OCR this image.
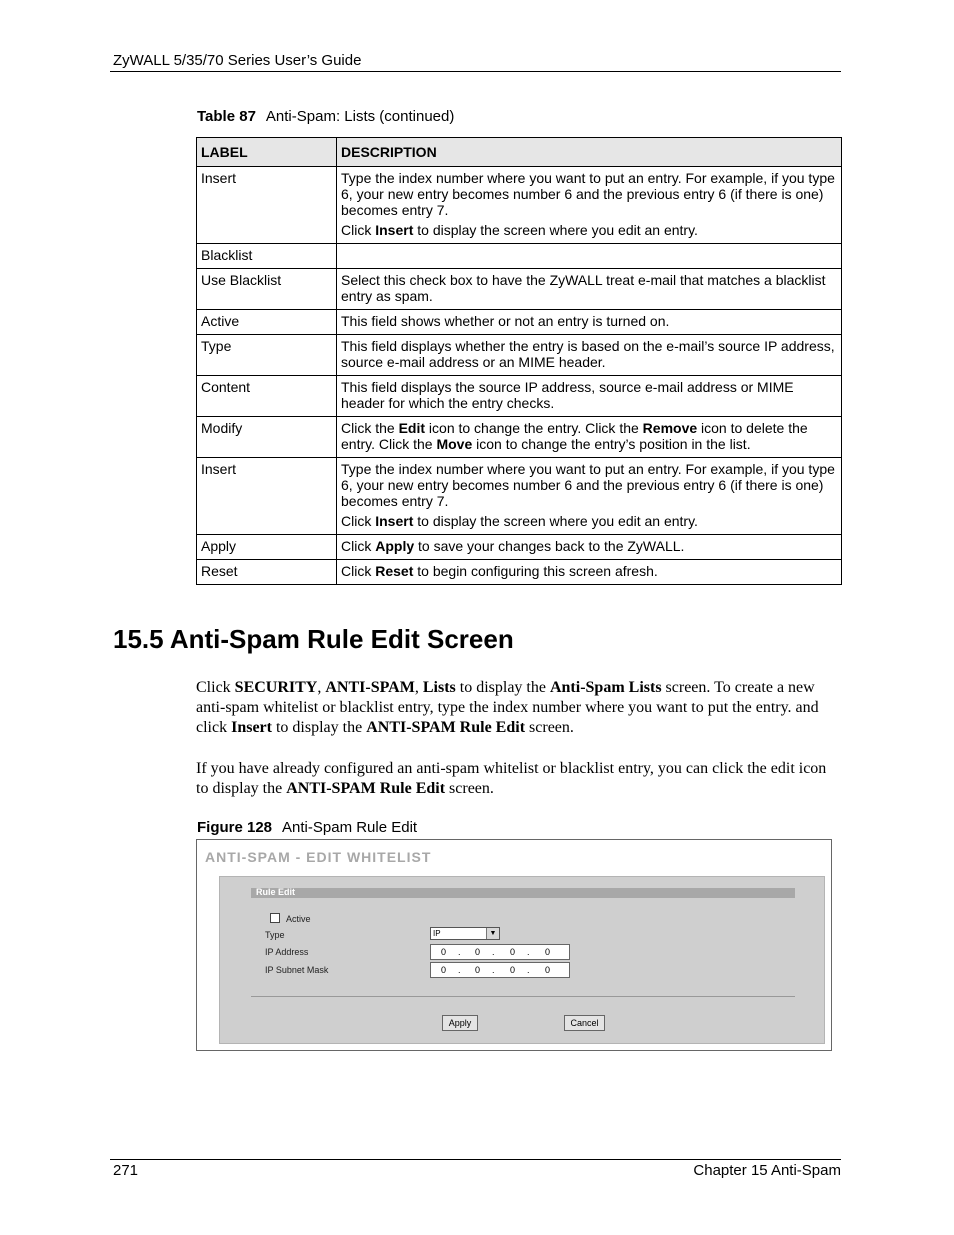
ZyWALL 5/35/70 Series User’s Guide
Table 87 Anti-Spam: Lists (continued)
LABEL	DESCRIPTION
Insert	Type the index number where you want to put an entry. For example, if you type 6, your new entry becomes number 6 and the previous entry 6 (if there is one) becomes entry 7.

Click Insert to display the screen where you edit an entry.

Blacklist	
Use Blacklist	Select this check box to have the ZyWALL treat e-mail that matches a blacklist entry as spam.
Active	This field shows whether or not an entry is turned on.
Type	This field displays whether the entry is based on the e-mail’s source IP address, source e-mail address or an MIME header.
Content	This field displays the source IP address, source e-mail address or MIME header for which the entry checks.
Modify	Click the Edit icon to change the entry. Click the Remove icon to delete the entry. Click the Move icon to change the entry’s position in the list.
Insert	Type the index number where you want to put an entry. For example, if you type 6, your new entry becomes number 6 and the previous entry 6 (if there is one) becomes entry 7.

Click Insert to display the screen where you edit an entry.

Apply	Click Apply to save your changes back to the ZyWALL.
Reset	Click Reset to begin configuring this screen afresh.
15.5 Anti-Spam Rule Edit Screen
Click SECURITY, ANTI-SPAM, Lists to display the Anti-Spam Lists screen. To create a new anti-spam whitelist or blacklist entry, type the index number where you want to put the entry. and click Insert to display the ANTI-SPAM Rule Edit screen.
If you have already configured an anti-spam whitelist or blacklist entry, you can click the edit icon to display the ANTI-SPAM Rule Edit screen.
Figure 128 Anti-Spam Rule Edit
ANTI-SPAM - EDIT WHITELIST
Rule Edit
Active
Type	IP	▼
IP Address	0 . 0 . 0 . 0
IP Subnet Mask	0 . 0 . 0 . 0
Apply	Cancel
271	Chapter 15 Anti-Spam
